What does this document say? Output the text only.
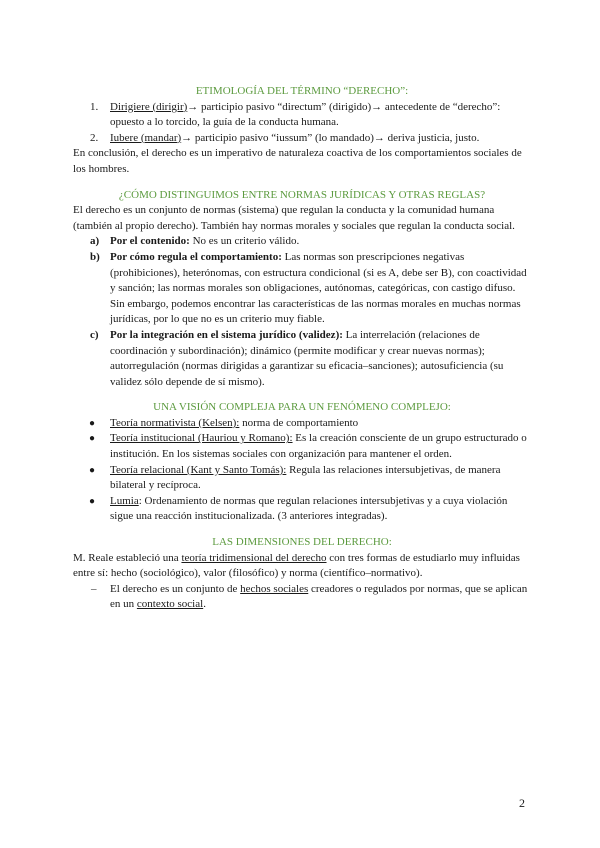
ETIMOLOGÍA DEL TÉRMINO “DERECHO”:
1. Dirigiere (dirigir)→ participio pasivo “directum” (dirigido)→ antecedente de “derecho”: opuesto a lo torcido, la guía de la conducta humana.
2. Iubere (mandar)→ participio pasivo “iussum” (lo mandado)→ deriva justicia, justo.

En conclusión, el derecho es un imperativo de naturaleza coactiva de los comportamientos sociales de los hombres.

¿CÓMO DISTINGUIMOS ENTRE NORMAS JURÍDICAS Y OTRAS REGLAS?

El derecho es un conjunto de normas (sistema) que regulan la conducta y la comunidad humana (también al propio derecho). También hay normas morales y sociales que regulan la conducta social.

a) Por el contenido: No es un criterio válido.
b) Por cómo regula el comportamiento: Las normas son prescripciones negativas (prohibiciones), heterónomas, con estructura condicional (si es A, debe ser B), con coactividad y sanción; las normas morales son obligaciones, autónomas, categóricas, con castigo difuso. Sin embargo, podemos encontrar las características de las normas morales en muchas normas jurídicas, por lo que no es un criterio muy fiable.
c) Por la integración en el sistema jurídico (validez): La interrelación (relaciones de coordinación y subordinación); dinámico (permite modificar y crear nuevas normas); autorregulación (normas dirigidas a garantizar su eficacia–sanciones); autosuficiencia (su validez sólo depende de sí mismo).
UNA VISIÓN COMPLEJA PARA UN FENÓMENO COMPLEJO:
● Teoría normativista (Kelsen): norma de comportamiento
● Teoría institucional (Hauriou y Romano): Es la creación consciente de un grupo estructurado o institución. En los sistemas sociales con organización para mantener el orden.
● Teoría relacional (Kant y Santo Tomás): Regula las relaciones intersubjetivas, de manera bilateral y recíproca.
● Lumia: Ordenamiento de normas que regulan relaciones intersubjetivas y a cuya violación sigue una reacción institucionalizada. (3 anteriores integradas).
LAS DIMENSIONES DEL DERECHO:

M. Reale estableció una teoría tridimensional del derecho con tres formas de estudiarlo muy influidas entre sí: hecho (sociológico), valor (filosófico) y norma (científico–normativo).

– El derecho es un conjunto de hechos sociales creadores o regulados por normas, que se aplican en un contexto social.
2
